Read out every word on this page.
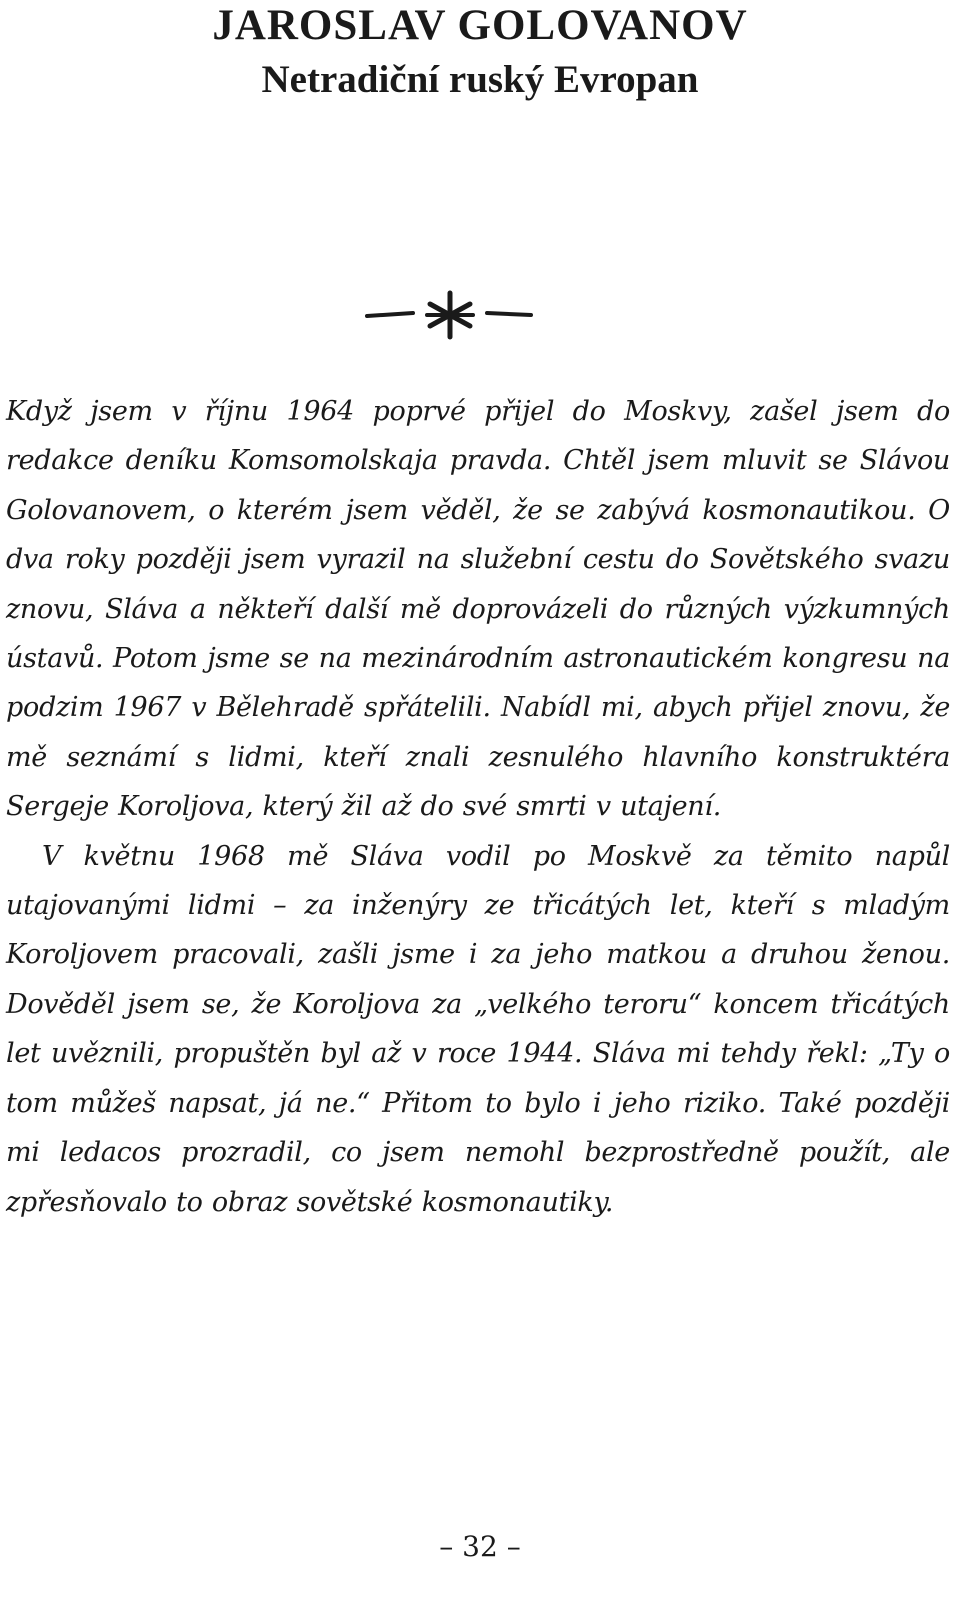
JAROSLAV GOLOVANOV
Netradiční ruský Evropan

Když jsem v říjnu 1964 poprvé přijel do Moskvy, zašel jsem do redakce deníku Komsomolskaja pravda. Chtěl jsem mluvit se Slávou Golovanovem, o kterém jsem věděl, že se zabývá kosmonautikou. O dva roky později jsem vyrazil na služební cestu do Sovětského svazu znovu, Sláva a někteří další mě doprovázeli do různých výzkumných ústavů. Potom jsme se na mezinárodním astronautickém kongresu na podzim 1967 v Bělehradě spřátelili. Nabídl mi, abych přijel znovu, že mě seznámí s lidmi, kteří znali zesnulého hlavního konstruktéra Sergeje Koroljova, který žil až do své smrti v utajení.

V květnu 1968 mě Sláva vodil po Moskvě za těmito napůl utajovanými lidmi – za inženýry ze třicátých let, kteří s mladým Koroljovem pracovali, zašli jsme i za jeho matkou a druhou ženou. Dověděl jsem se, že Koroljova za „velkého teroru“ koncem třicátých let uvěznili, propuštěn byl až v roce 1944. Sláva mi tehdy řekl: „Ty o tom můžeš napsat, já ne.“ Přitom to bylo i jeho riziko. Také později mi ledacos prozradil, co jsem nemohl bezprostředně použít, ale zpřesňovalo to obraz sovětské kosmonautiky.

– 32 –
